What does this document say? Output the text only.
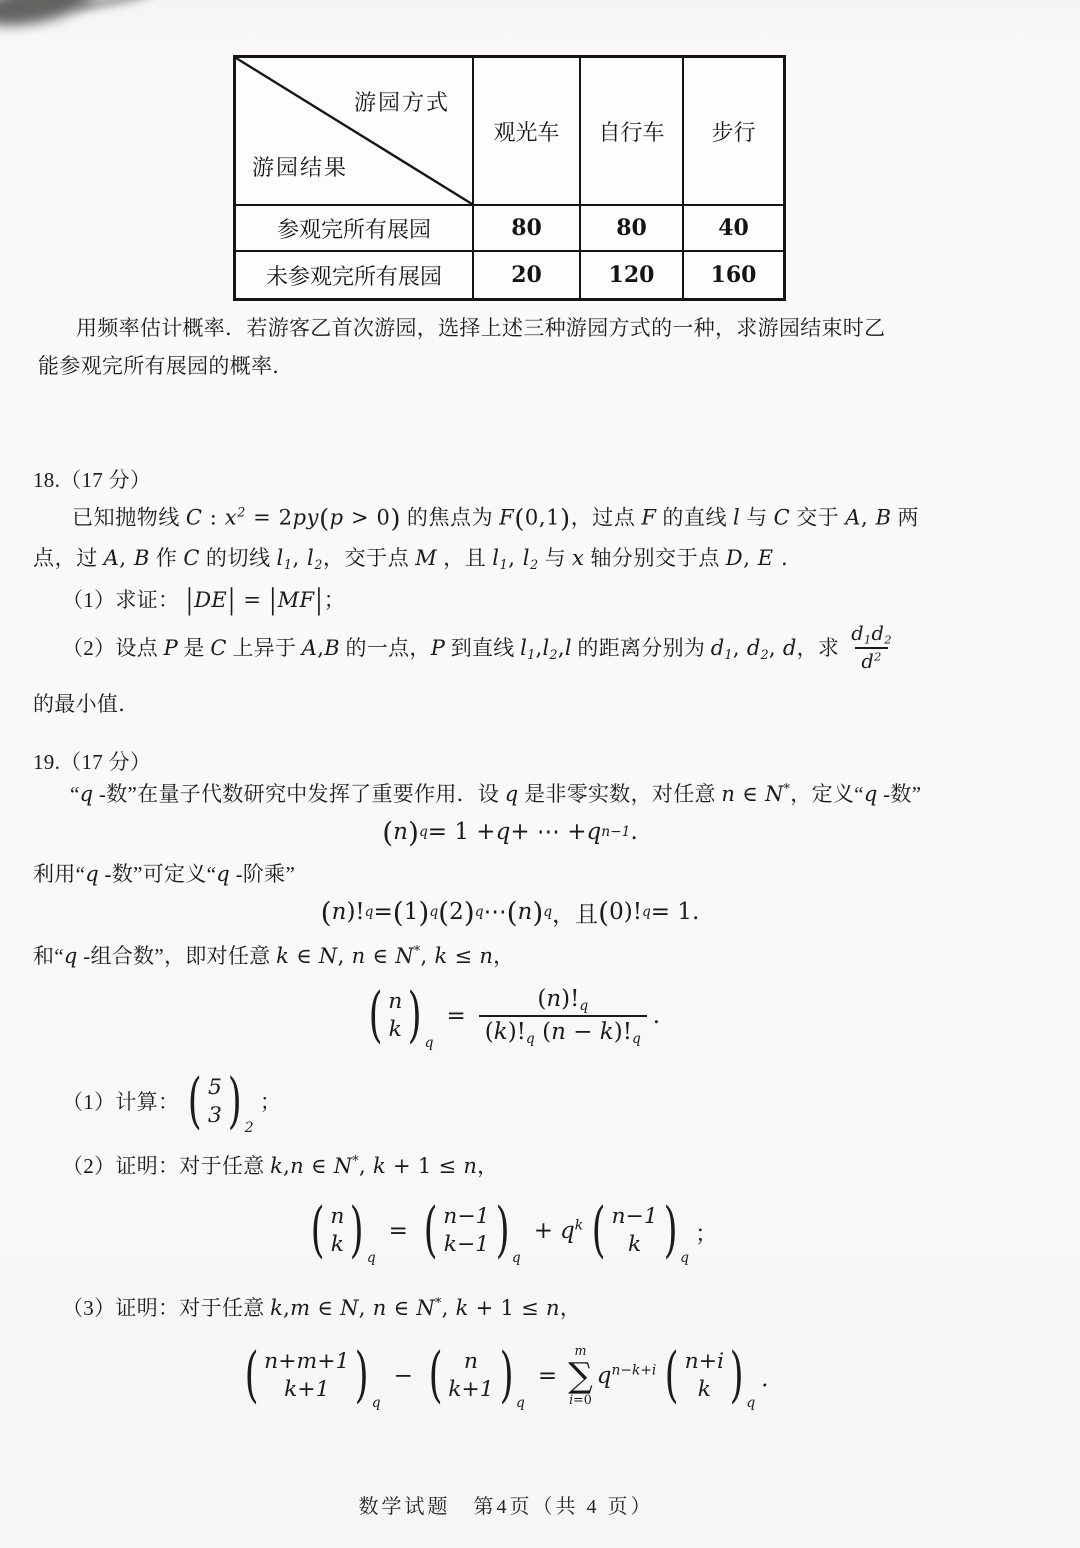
游园方式
游园结果	观光车	自行车	步行
参观完所有展园	80	80	40
未参观完所有展园	20	120	160
用频率估计概率．若游客乙首次游园，选择上述三种游园方式的一种，求游园结束时乙
能参观完所有展园的概率．
18.（17 分）
已知抛物线 C : $x^2 = 2py(p > 0)$ 的焦点为 F(0,1)，过点 F 的直线 l 与 C 交于 A, B 两
点，过 A, B 作 C 的切线 $l_1$, $l_2$，交于点 M ，且 $l_1$, $l_2$ 与 x 轴分别交于点 D, E .
（1）求证： |DE| = |MF|；
（2）设点 P 是 C 上异于 A,B 的一点，P 到直线 $l_1,l_2,l$ 的距离分别为 $d_1$, $d_2$, d，求 $\frac{d_1d_2}{d^2}$
的最小值．
19.（17 分）
“q -数”在量子代数研究中发挥了重要作用．设 q 是非零实数，对任意 n ∈ N*，定义“q -数”
( n ) q = 1 + q + ⋯ + q n−1 .
利用“q -数”可定义“q -阶乘”
( n )! q = ( 1 ) q ( 2 ) q ⋯ ( n ) q ，且 ( 0 )! q = 1.
和“q -组合数”，即对任意 k ∈ N, n ∈ N*, k ≤ n，
( n
k ) q
= $\frac{(n)!_q}{(k)!_q (n - k)!_q}$ .
（1）计算： ( 5
3 ) 2
；
（2）证明：对于任意 k,n ∈ N*, k + 1 ≤ n，
( n
k ) q
= ( n−1
k−1 ) q
+ $q^k$ ( n−1
k ) q
；
（3）证明：对于任意 k,m ∈ N, n ∈ N*, k + 1 ≤ n，
( n+m+1
k+1 ) q
− ( n
k+1 ) q
=
m
∑
i=0
$q^{n-k+i}$ ( n+i
k ) q
．
数学试题　第4页（共 4 页）
